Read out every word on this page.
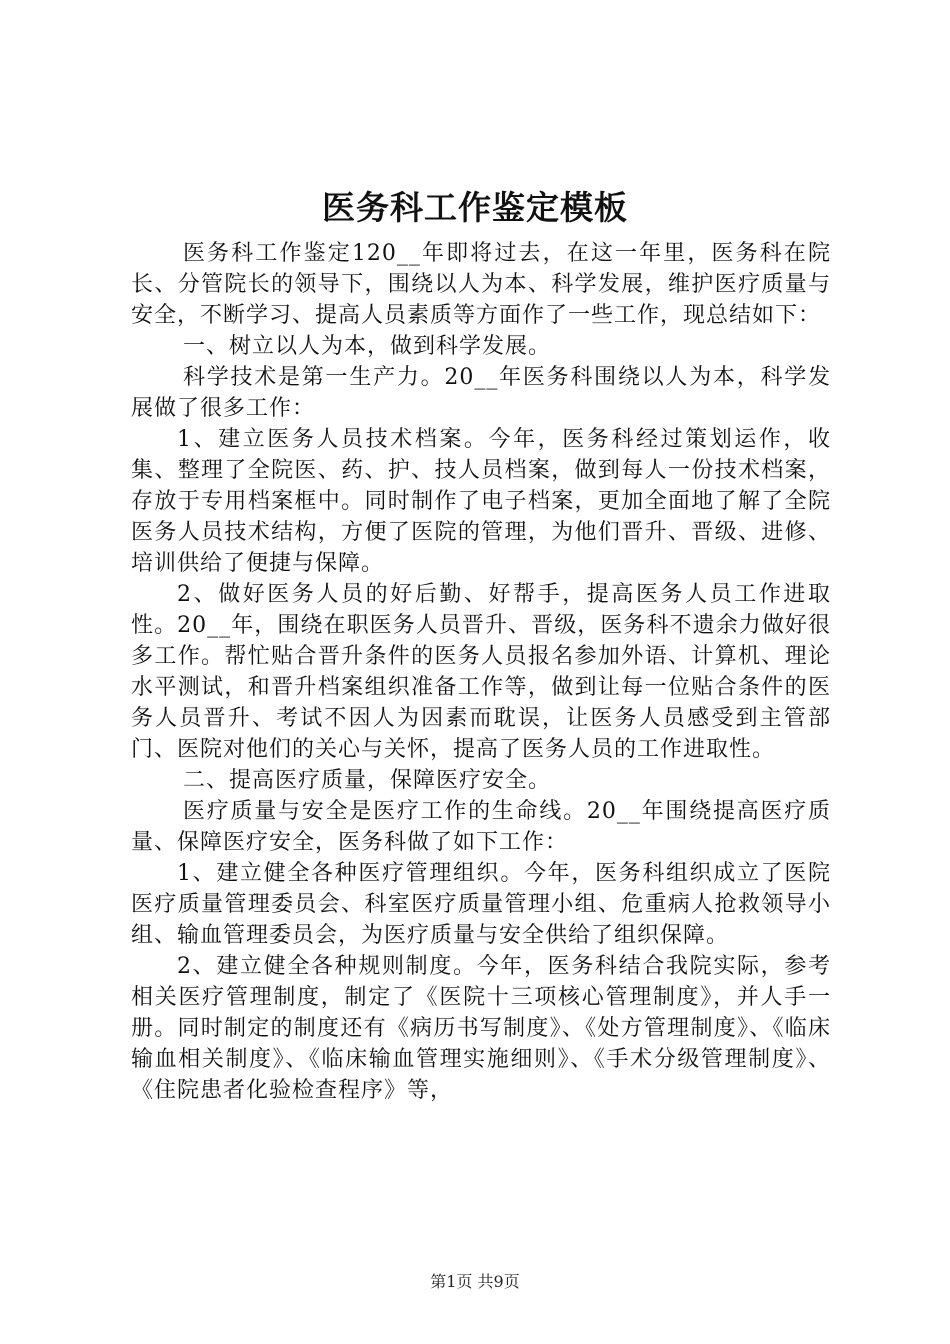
医务科工作鉴定模板

医务科工作鉴定120__年即将过去，在这一年里，医务科在院长、分管院长的领导下，围绕以人为本、科学发展，维护医疗质量与安全，不断学习、提高人员素质等方面作了一些工作，现总结如下：

一、树立以人为本，做到科学发展。

科学技术是第一生产力。20__年医务科围绕以人为本，科学发展做了很多工作：

1、建立医务人员技术档案。今年，医务科经过策划运作，收集、整理了全院医、药、护、技人员档案，做到每人一份技术档案，存放于专用档案框中。同时制作了电子档案，更加全面地了解了全院医务人员技术结构，方便了医院的管理，为他们晋升、晋级、进修、培训供给了便捷与保障。

2、做好医务人员的好后勤、好帮手，提高医务人员工作进取性。20__年，围绕在职医务人员晋升、晋级，医务科不遗余力做好很多工作。帮忙贴合晋升条件的医务人员报名参加外语、计算机、理论水平测试，和晋升档案组织准备工作等，做到让每一位贴合条件的医务人员晋升、考试不因人为因素而耽误，让医务人员感受到主管部门、医院对他们的关心与关怀，提高了医务人员的工作进取性。

二、提高医疗质量，保障医疗安全。

医疗质量与安全是医疗工作的生命线。20__年围绕提高医疗质量、保障医疗安全，医务科做了如下工作：

1、建立健全各种医疗管理组织。今年，医务科组织成立了医院医疗质量管理委员会、科室医疗质量管理小组、危重病人抢救领导小组、输血管理委员会，为医疗质量与安全供给了组织保障。

2、建立健全各种规则制度。今年，医务科结合我院实际，参考相关医疗管理制度，制定了《医院十三项核心管理制度》，并人手一册。同时制定的制度还有《病历书写制度》、《处方管理制度》、《临床输血相关制度》、《临床输血管理实施细则》、《手术分级管理制度》、《住院患者化验检查程序》等，

第1页 共9页
